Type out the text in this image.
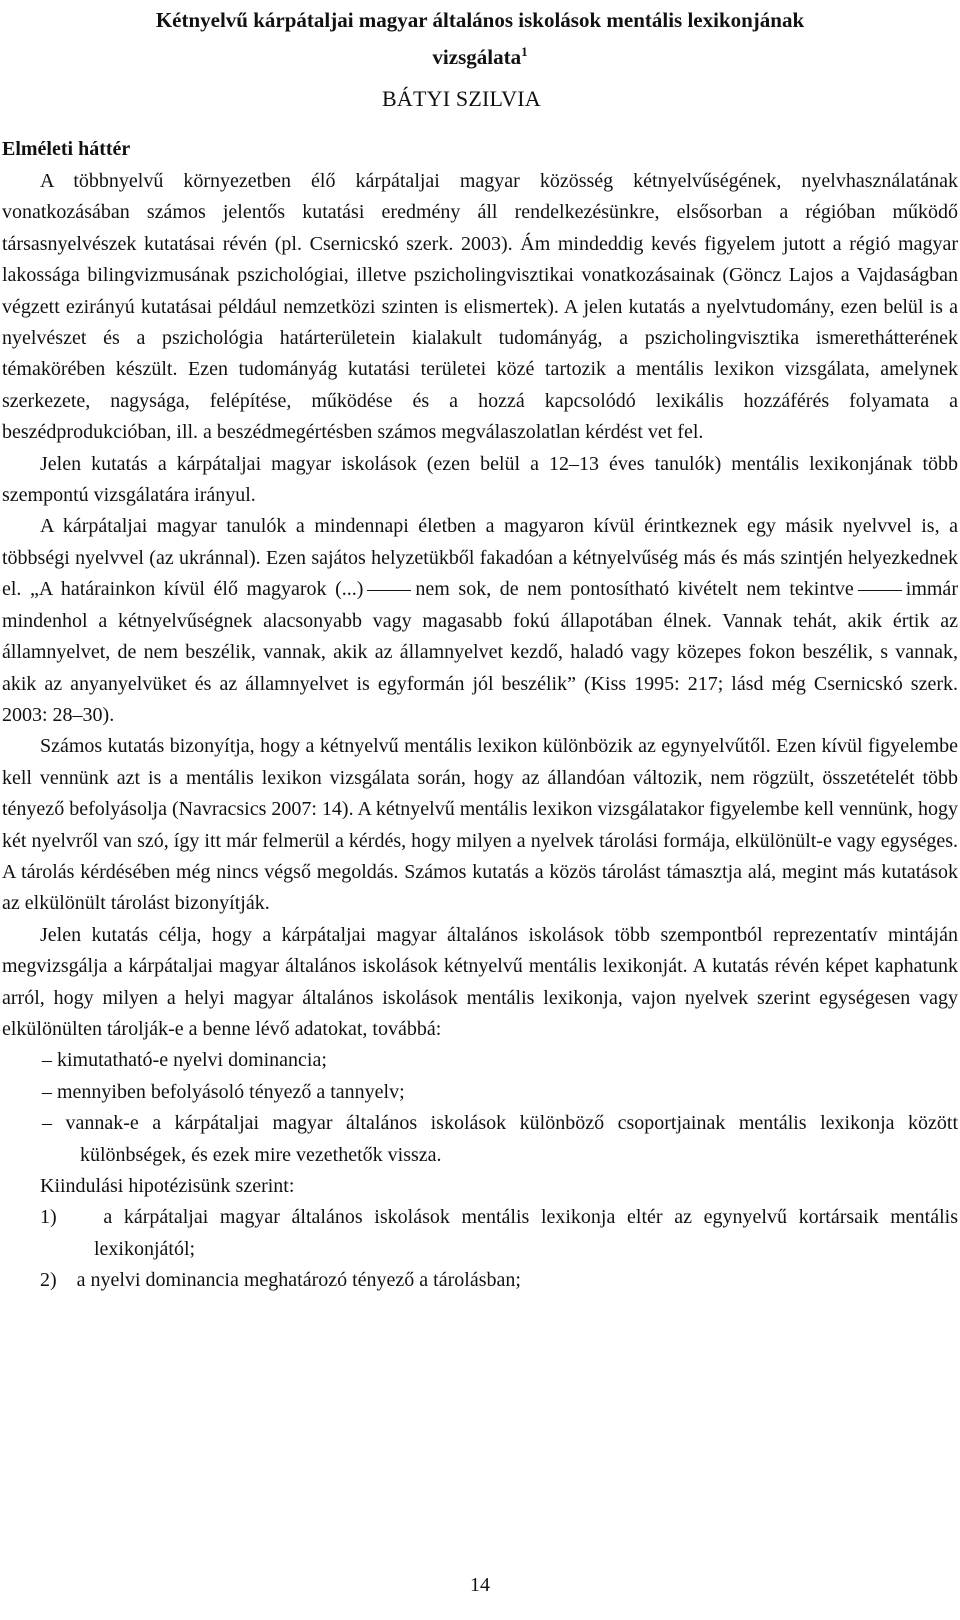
Kétnyelvű kárpátaljai magyar általános iskolások mentális lexikonjának
vizsgálata$^1$
BÁTYI SZILVIA
Elméleti háttér

A többnyelvű környezetben élő kárpátaljai magyar közösség kétnyelvűségének, nyelvhasználatának vonatkozásában számos jelentős kutatási eredmény áll rendelkezésünkre, elsősorban a régióban működő társasnyelvészek kutatásai révén (pl. Csernicskó szerk. 2003). Ám mindeddig kevés figyelem jutott a régió magyar lakossága bilingvizmusának pszichológiai, illetve pszicholingvisztikai vonatkozásainak (Göncz Lajos a Vajdaságban végzett ezirányú kutatásai például nemzetközi szinten is elismertek). A jelen kutatás a nyelvtudomány, ezen belül is a nyelvészet és a pszichológia határterületein kialakult tudományág, a pszicholingvisztika ismerethátterének témakörében készült. Ezen tudományág kutatási területei közé tartozik a mentális lexikon vizsgálata, amelynek szerkezete, nagysága, felépítése, működése és a hozzá kapcsolódó lexikális hozzáférés folyamata a beszédprodukcióban, ill. a beszédmegértésben számos megválaszolatlan kérdést vet fel.

Jelen kutatás a kárpátaljai magyar iskolások (ezen belül a 12–13 éves tanulók) mentális lexikonjának több szempontú vizsgálatára irányul.

A kárpátaljai magyar tanulók a mindennapi életben a magyaron kívül érintkeznek egy másik nyelvvel is, a többségi nyelvvel (az ukránnal). Ezen sajátos helyzetükből fakadóan a kétnyelvűség más és más szintjén helyezkednek el. „A határainkon kívül élő magyarok (...)	nem sok, de nem pontosítható kivételt nem tekintve	immár mindenhol a kétnyelvűségnek alacsonyabb vagy magasabb fokú állapotában élnek. Vannak tehát, akik értik az államnyelvet, de nem beszélik, vannak, akik az államnyelvet kezdő, haladó vagy közepes fokon beszélik, s vannak, akik az anyanyelvüket és az államnyelvet is egyformán jól beszélik” (Kiss 1995: 217; lásd még Csernicskó szerk. 2003: 28–30).

Számos kutatás bizonyítja, hogy a kétnyelvű mentális lexikon különbözik az egynyelvűtől. Ezen kívül figyelembe kell vennünk azt is a mentális lexikon vizsgálata során, hogy az állandóan változik, nem rögzült, összetételét több tényező befolyásolja (Navracsics 2007: 14). A kétnyelvű mentális lexikon vizsgálatakor figyelembe kell vennünk, hogy két nyelvről van szó, így itt már felmerül a kérdés, hogy milyen a nyelvek tárolási formája, elkülönült-e vagy egységes. A tárolás kérdésében még nincs végső megoldás. Számos kutatás a közös tárolást támasztja alá, megint más kutatások az elkülönült tárolást bizonyítják.

Jelen kutatás célja, hogy a kárpátaljai magyar általános iskolások több szempontból reprezentatív mintáján megvizsgálja a kárpátaljai magyar általános iskolások kétnyelvű mentális lexikonját. A kutatás révén képet kaphatunk arról, hogy milyen a helyi magyar általános iskolások mentális lexikonja, vajon nyelvek szerint egységesen vagy elkülönülten tárolják-e a benne lévő adatokat, továbbá:

– kimutatható-e nyelvi dominancia;
– mennyiben befolyásoló tényező a tannyelv;
– vannak-e a kárpátaljai magyar általános iskolások különböző csoportjainak mentális lexikonja között különbségek, és ezek mire vezethetők vissza.

Kiindulási hipotézisünk szerint:

1) a kárpátaljai magyar általános iskolások mentális lexikonja eltér az egynyelvű kortársaik mentális lexikonjától;
2) a nyelvi dominancia meghatározó tényező a tárolásban;
14
